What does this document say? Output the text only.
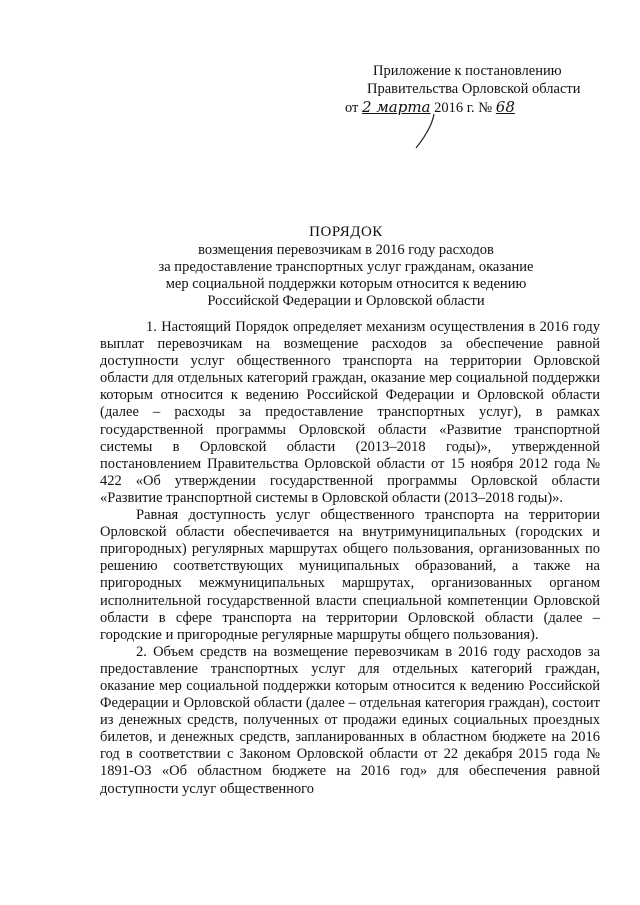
Приложение к постановлению
Правительства Орловской области
от 2 марта 2016 г. № 68
ПОРЯДОК
возмещения перевозчикам в 2016 году расходов
за предоставление транспортных услуг гражданам, оказание
мер социальной поддержки которым относится к ведению
Российской Федерации и Орловской области

1. Настоящий Порядок определяет механизм осуществления в 2016 году выплат перевозчикам на возмещение расходов за обеспечение равной доступности услуг общественного транспорта на территории Орловской области для отдельных категорий граждан, оказание мер социальной поддержки которым относится к ведению Российской Федерации и Орловской области (далее – расходы за предоставление транспортных услуг), в рамках государственной программы Орловской области «Развитие транспортной системы в Орловской области (2013–2018 годы)», утвержденной постановлением Правительства Орловской области от 15 ноября 2012 года № 422 «Об утверждении государственной программы Орловской области «Развитие транспортной системы в Орловской области (2013–2018 годы)».

Равная доступность услуг общественного транспорта на территории Орловской области обеспечивается на внутримуниципальных (городских и пригородных) регулярных маршрутах общего пользования, организованных по решению соответствующих муниципальных образований, а также на пригородных межмуниципальных маршрутах, организованных органом исполнительной государственной власти специальной компетенции Орловской области в сфере транспорта на территории Орловской области (далее – городские и пригородные регулярные маршруты общего пользования).

2. Объем средств на возмещение перевозчикам в 2016 году расходов за предоставление транспортных услуг для отдельных категорий граждан, оказание мер социальной поддержки которым относится к ведению Российской Федерации и Орловской области (далее – отдельная категория граждан), состоит из денежных средств, полученных от продажи единых социальных проездных билетов, и денежных средств, запланированных в областном бюджете на 2016 год в соответствии с Законом Орловской области от 22 декабря 2015 года № 1891-ОЗ «Об областном бюджете на 2016 год» для обеспечения равной доступности услуг общественного
